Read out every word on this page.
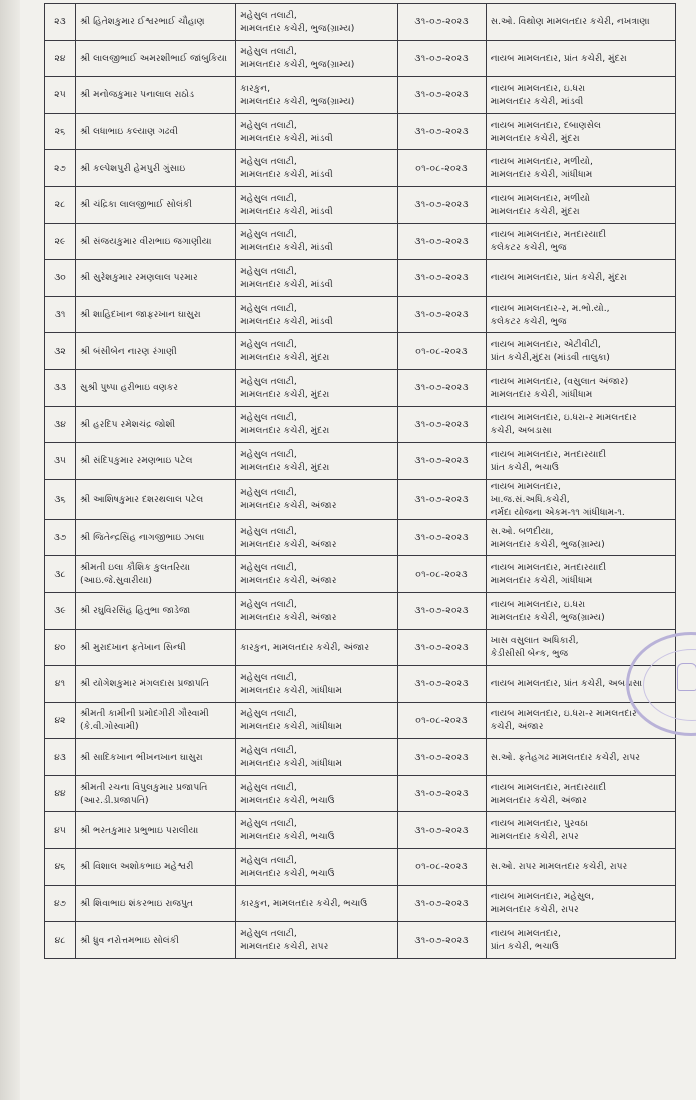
૨૩	શ્રી હિતેશકુમાર ઈશ્વરભાઈ ચૌહાણ	મહેસુલ તલાટી,
મામલતદાર કચેરી, ભુજ(ગ્રામ્ય)	૩૧-૦૭-૨૦૨૩	સ.ઓ. વિથોણ મામલતદાર કચેરી, નખત્રાણા

૨૪	શ્રી લાલજીભાઈ અમરશીભાઈ જાંબુકિયા	મહેસુલ તલાટી,
મામલતદાર કચેરી, ભુજ(ગ્રામ્ય)	૩૧-૦૭-૨૦૨૩	નાયબ મામલતદાર, પ્રાંત કચેરી, મુંદરા

૨૫	શ્રી મનોજકુમાર પનાલાલ રાઠોડ	કારકુન,
મામલતદાર કચેરી, ભુજ(ગ્રામ્ય)	૩૧-૦૭-૨૦૨૩	નાયબ મામલતદાર, ઇ.ધરા
મામલતદાર કચેરી, માંડવી

૨૬	શ્રી લધાભાઇ કલ્યાણ ગઢવી	મહેસુલ તલાટી,
મામલતદાર કચેરી, માંડવી	૩૧-૦૭-૨૦૨૩	નાયબ મામલતદાર, દબાણસેલ
મામલતદાર કચેરી, મુંદરા

૨૭	શ્રી કલ્પેશપુરી હેમપુરી ગુંસાઇ	મહેસુલ તલાટી,
મામલતદાર કચેરી, માંડવી	૦૧-૦૮-૨૦૨૩	નાયબ મામલતદાર, મળીયો,
મામલતદાર કચેરી, ગાંધીધામ

૨૮	શ્રી ચંદ્રિકા લાલજીભાઈ સોલંકી	મહેસુલ તલાટી,
મામલતદાર કચેરી, માંડવી	૩૧-૦૭-૨૦૨૩	નાયબ મામલતદાર, મળીયો
મામલતદાર કચેરી, મુંદરા

૨૯	શ્રી સંજયકુમાર વીરાભાઇ જગાણીયા	મહેસુલ તલાટી,
મામલતદાર કચેરી, માંડવી	૩૧-૦૭-૨૦૨૩	નાયબ મામલતદાર, મતદારયાદી
કલેકટર કચેરી, ભુજ

૩૦	શ્રી સુરેશકુમાર રમણલાલ પરમાર	મહેસુલ તલાટી,
મામલતદાર કચેરી, માંડવી	૩૧-૦૭-૨૦૨૩	નાયબ મામલતદાર, પ્રાંત કચેરી, મુંદરા

૩૧	શ્રી શાહિદખાન જાફરખાન ઘાસુરા	મહેસુલ તલાટી,
મામલતદાર કચેરી, માંડવી	૩૧-૦૭-૨૦૨૩	નાયબ મામલતદાર-ર, મ.ભો.યો.,
કલેકટર કચેરી, ભુજ

૩૨	શ્રી બંસીબેન નારણ રંગાણી	મહેસુલ તલાટી,
મામલતદાર કચેરી, મુંદરા	૦૧-૦૮-૨૦૨૩	નાયબ મામલતદાર, એટીવીટી,
પ્રાંત કચેરી,મુંદરા (માંડવી તાલુકા)

૩૩	સુશ્રી પુષ્પા હરીભાઇ વણકર	મહેસુલ તલાટી,
મામલતદાર કચેરી, મુંદરા	૩૧-૦૭-૨૦૨૩	નાયબ મામલતદાર, (વસુલાત અંજાર)
મામલતદાર કચેરી, ગાંધીધામ

૩૪	શ્રી હરદિપ રમેશચંદ્ર જોશી	મહેસુલ તલાટી,
મામલતદાર કચેરી, મુંદરા	૩૧-૦૭-૨૦૨૩	નાયબ મામલતદાર, ઇ.ધરા-ર મામલતદાર
કચેરી, અબડાસા

૩૫	શ્રી સંદિપકુમાર રમણભાઇ પટેલ	મહેસુલ તલાટી,
મામલતદાર કચેરી, મુંદરા	૩૧-૦૭-૨૦૨૩	નાયબ મામલતદાર, મતદારયાદી
પ્રાંત કચેરી, ભચાઉ

૩૬	શ્રી આશિષકુમાર દશરથલાલ પટેલ	મહેસુલ તલાટી,
મામલતદાર કચેરી, અંજાર	૩૧-૦૭-૨૦૨૩	નાયબ મામલતદાર,
ખા.જ.સં.અધિ.કચેરી,
નર્મદા યોજના એકમ-૧૧ ગાંધીધામ-૧.

૩૭	શ્રી જિતેન્દ્રસિંહ નાગજીભાઇ ઝાલા	મહેસુલ તલાટી,
મામલતદાર કચેરી, અંજાર	૩૧-૦૭-૨૦૨૩	સ.ઓ. બળદીયા,
મામલતદાર કચેરી, ભુજ(ગ્રામ્ય)

૩૮	શ્રીમતી ઇલા કૌશિક કુલતરિયા
(આઇ.જે.સુવારીયા)	મહેસુલ તલાટી,
મામલતદાર કચેરી, અંજાર	૦૧-૦૮-૨૦૨૩	નાયબ મામલતદાર, મતદારયાદી
મામલતદાર કચેરી, ગાંધીધામ

૩૯	શ્રી રઘુવિરસિંહ હિતુભા જાડેજા	મહેસુલ તલાટી,
મામલતદાર કચેરી, અંજાર	૩૧-૦૭-૨૦૨૩	નાયબ મામલતદાર, ઇ.ધરા
મામલતદાર કચેરી, ભુજ(ગ્રામ્ય)

૪૦	શ્રી મુરાદખાન ફતેખાન સિન્ધી	કારકુન, મામલતદાર કચેરી, અંજાર	૩૧-૦૭-૨૦૨૩	ખાસ વસુલાત અધિકારી,
કેડીસીસી બેન્ક, ભુજ

૪૧	શ્રી યોગેશકુમાર મંગલદાસ પ્રજાપતિ	મહેસુલ તલાટી,
મામલતદાર કચેરી, ગાંધીધામ	૩૧-૦૭-૨૦૨૩	નાયબ મામલતદાર, પ્રાંત કચેરી, અબડાસા

૪૨	શ્રીમતી કામીની પ્રમોદગીરી ગૌસ્વામી
(કે.વી.ગોસ્વામી)	મહેસુલ તલાટી,
મામલતદાર કચેરી, ગાંધીધામ	૦૧-૦૮-૨૦૨૩	નાયબ મામલતદાર, ઇ.ધરા-ર મામલતદાર
કચેરી, અંજાર

૪૩	શ્રી સાદિકખાન ભીખનખાન ઘાસુરા	મહેસુલ તલાટી,
મામલતદાર કચેરી, ગાંધીધામ	૩૧-૦૭-૨૦૨૩	સ.ઓ. ફતેહગઢ મામલતદાર કચેરી, રાપર

૪૪	શ્રીમતી રચના વિપુલકુમાર પ્રજાપતિ
(આર.ડી.પ્રજાપતિ)	મહેસુલ તલાટી,
મામલતદાર કચેરી, ભચાઉ	૩૧-૦૭-૨૦૨૩	નાયબ મામલતદાર, મતદારયાદી
મામલતદાર કચેરી, અંજાર

૪૫	શ્રી ભરતકુમાર પ્રભુભાઇ પરાલીયા	મહેસુલ તલાટી,
મામલતદાર કચેરી, ભચાઉ	૩૧-૦૭-૨૦૨૩	નાયબ મામલતદાર, પુરવઠા
મામલતદાર કચેરી, રાપર

૪૬	શ્રી વિશાલ અશોકભાઇ મહેશ્વરી	મહેસુલ તલાટી,
મામલતદાર કચેરી, ભચાઉ	૦૧-૦૮-૨૦૨૩	સ.ઓ. રાપર મામલતદાર કચેરી, રાપર

૪૭	શ્રી શિવાભાઇ શંકરભાઇ રાજપુત	કારકુન, મામલતદાર કચેરી, ભચાઉ	૩૧-૦૭-૨૦૨૩	નાયબ મામલતદાર, મહેસુલ,
મામલતદાર કચેરી, રાપર

૪૮	શ્રી ધ્રુવ નરોત્તમભાઇ સોલંકી	મહેસુલ તલાટી,
મામલતદાર કચેરી, રાપર	૩૧-૦૭-૨૦૨૩	નાયબ મામલતદાર,
પ્રાંત કચેરી, ભચાઉ
